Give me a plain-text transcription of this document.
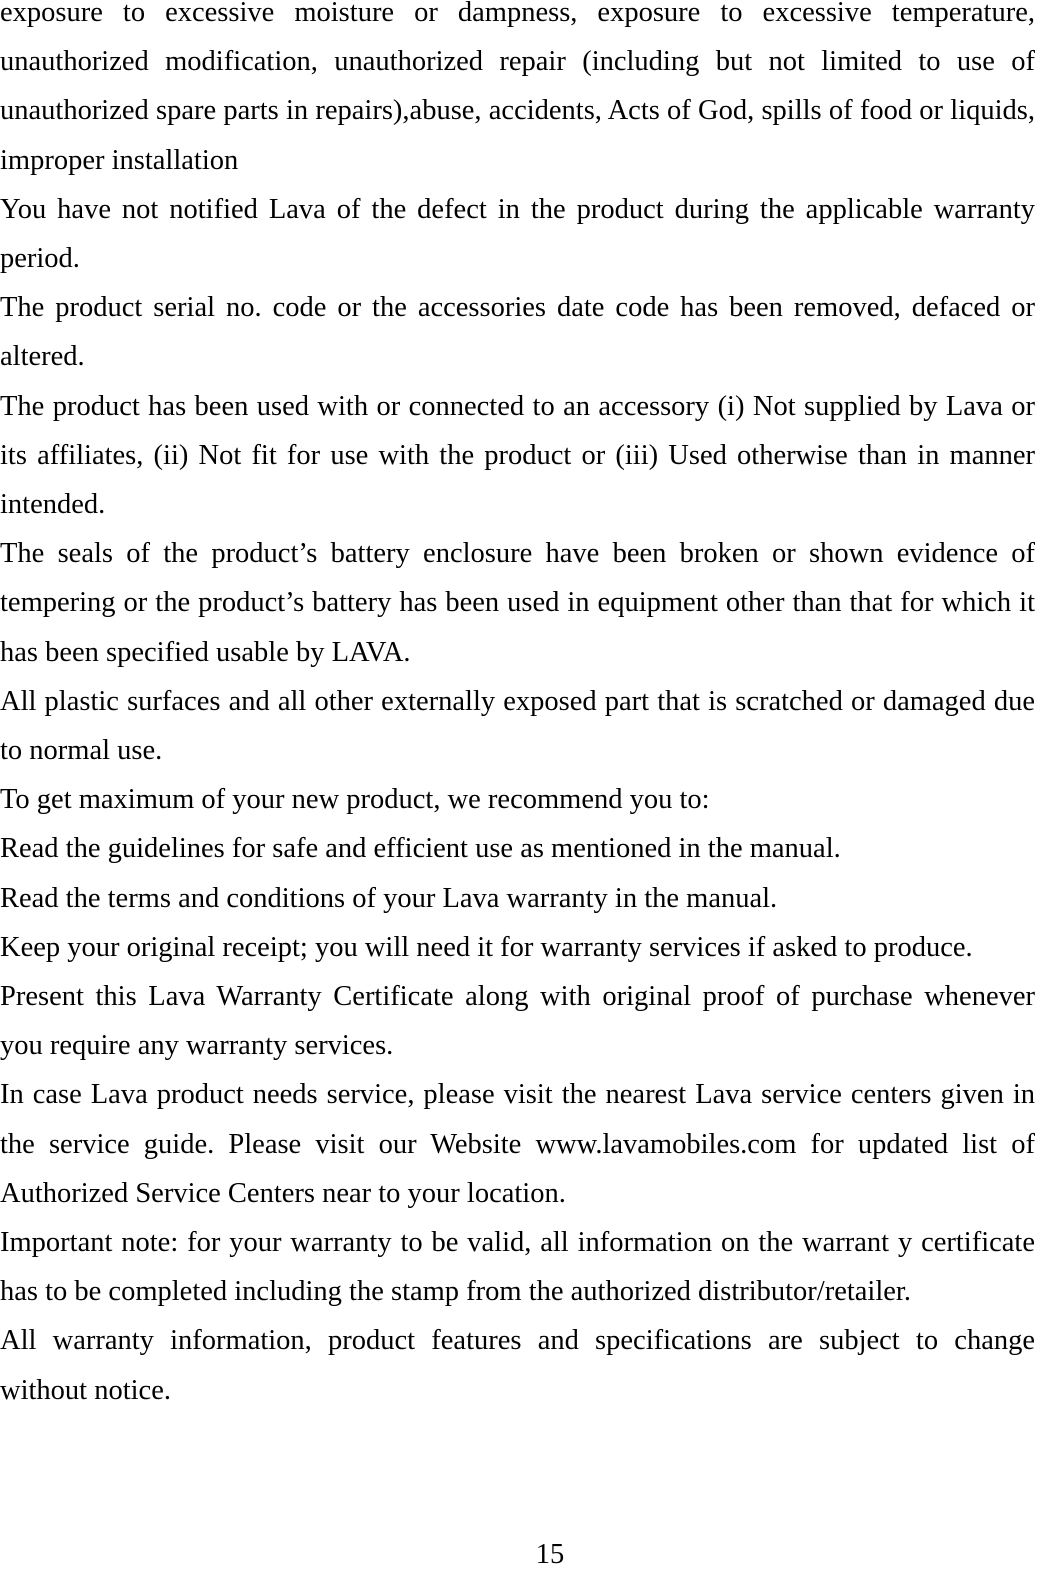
exposure to excessive moisture or dampness, exposure to excessive temperature, unauthorized modification, unauthorized repair (including but not limited to use of unauthorized spare parts in repairs),abuse, accidents, Acts of God, spills of food or liquids, improper installation

You have not notified Lava of the defect in the product during the applicable warranty period.

The product serial no. code or the accessories date code has been removed, defaced or altered.

The product has been used with or connected to an accessory (i) Not supplied by Lava or its affiliates, (ii) Not fit for use with the product or (iii) Used otherwise than in manner intended.

The seals of the product’s battery enclosure have been broken or shown evidence of tempering or the product’s battery has been used in equipment other than that for which it has been specified usable by LAVA.

All plastic surfaces and all other externally exposed part that is scratched or damaged due to normal use.

To get maximum of your new product, we recommend you to:

Read the guidelines for safe and efficient use as mentioned in the manual.

Read the terms and conditions of your Lava warranty in the manual.

Keep your original receipt; you will need it for warranty services if asked to produce.

Present this Lava Warranty Certificate along with original proof of purchase whenever you require any warranty services.

In case Lava product needs service, please visit the nearest Lava service centers given in the service guide. Please visit our Website www.lavamobiles.com for updated list of Authorized Service Centers near to your location.

Important note: for your warranty to be valid, all information on the warrant y certificate has to be completed including the stamp from the authorized distributor/retailer.

All warranty information, product features and specifications are subject to change without notice.

15
